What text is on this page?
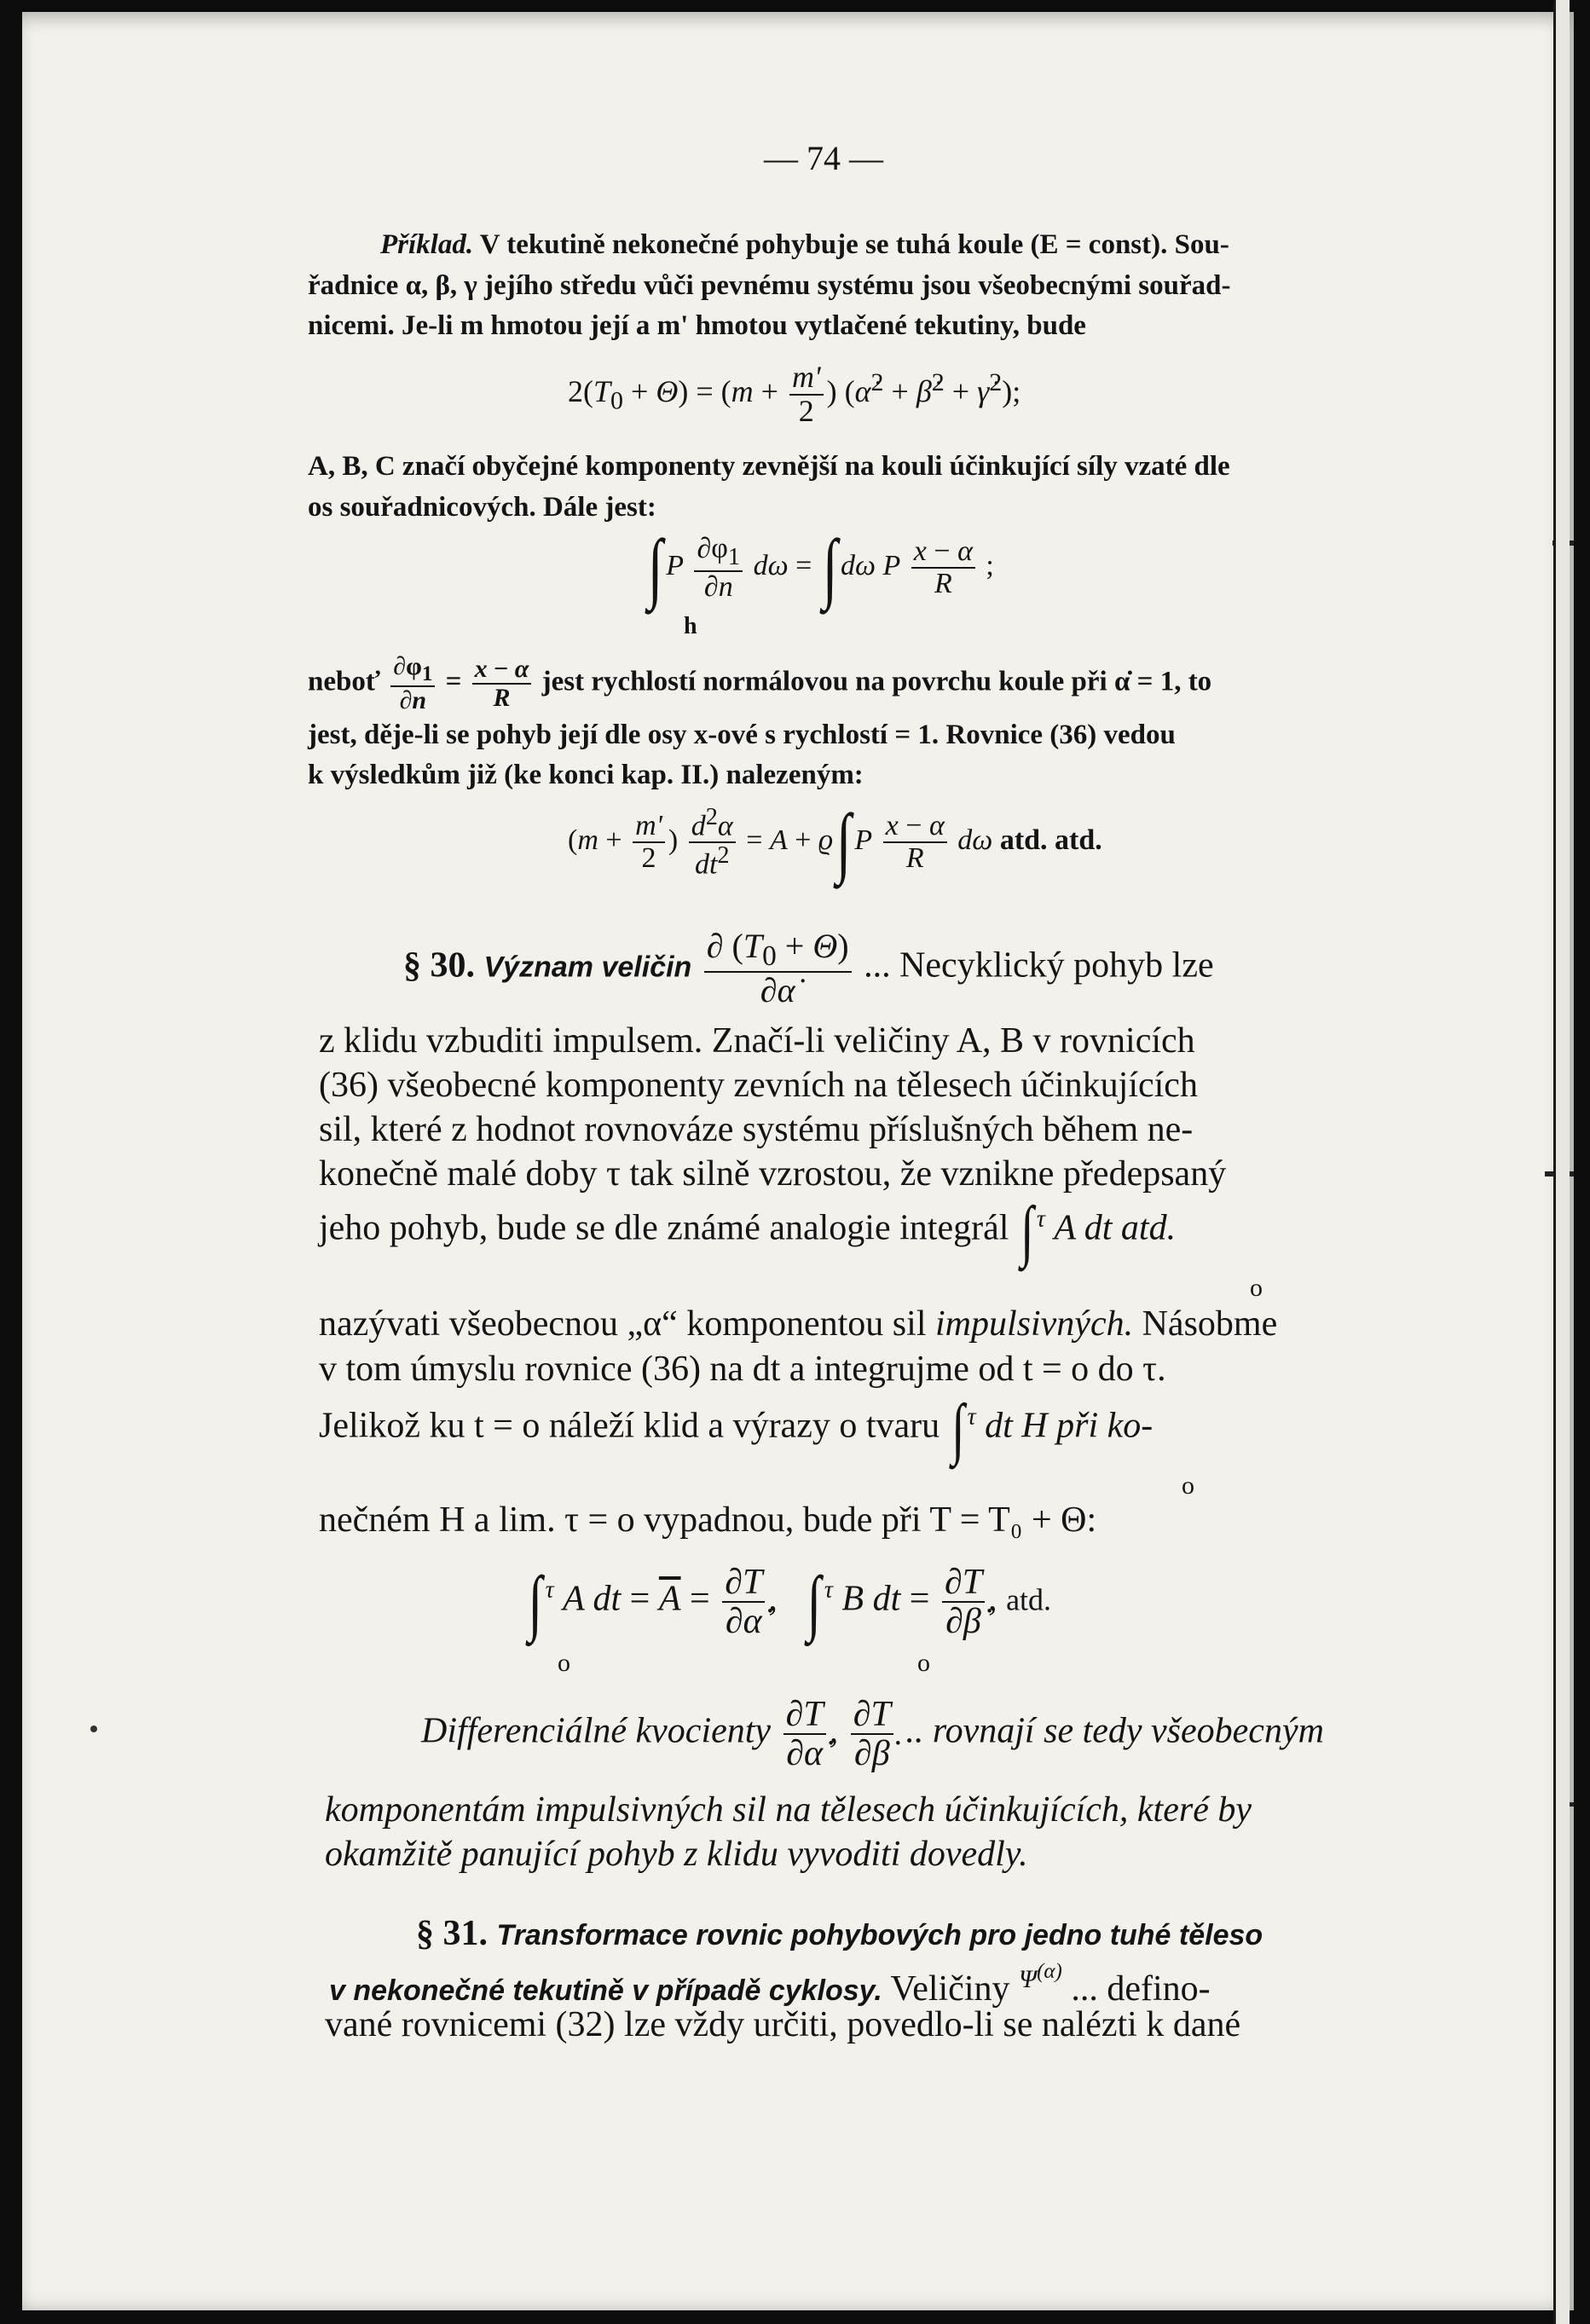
— 74 —
Příklad. V tekutině nekonečné pohybuje se tuhá koule (E = const). Sou-
řadnice α, β, γ jejího středu vůči pevnému systému jsou všeobecnými souřad-
nicemi. Je-li m hmotou její a m' hmotou vytlačené tekutiny, bude
$2(T_0 + \Theta) = (m + \frac{m'}{2}$ ) (α̇$^2$ + β̇$^2$ + γ̇$^2$);
A, B, C značí obyčejné komponenty zevnější na kouli účinkující síly vzaté dle
os souřadnicových. Dále jest:
∫ P $\frac{\partial\varphi_1}{\partial n}$ dω = ∫ dω P $\frac{x - \alpha}{R}$ ;
h
neboť $\frac{\partial\varphi_1}{\partial n} = \frac{x - \alpha}{R}$ jest rychlostí normálovou na povrchu koule při α̇ = 1, to
jest, děje-li se pohyb její dle osy x-ové s rychlostí = 1. Rovnice (36) vedou
k výsledkům již (ke konci kap. II.) nalezeným:
($m + \frac{m'}{2}$ ) $\frac{d^2\alpha}{dt^2} = A + ϱ\int$ P $\frac{x - \alpha}{R}$ dω atd. atd.
§ 30. Význam veličin $\frac{\partial (T_0 + \Theta)}{\partial\alphȧ}$ ... Necyklický pohyb lze
z klidu vzbuditi impulsem. Značí-li veličiny A, B v rovnicích
(36) všeobecné komponenty zevních na tělesech účinkujících
sil, které z hodnot rovnováze systému příslušných během ne-
konečně malé doby τ tak silně vzrostou, že vznikne předepsaný
jeho pohyb, bude se dle známé analogie integrál ∫ $^\tau$ A dt atd.
o
nazývati všeobecnou „α“ komponentou sil impulsivných. Násobme
v tom úmyslu rovnice (36) na dt a integrujme od t = o do τ.
Jelikož ku t = o náleží klid a výrazy o tvaru ∫ $^\tau$ dt H při ko-
o
nečném H a lim. τ = o vypadnou, bude při T = T₀ + Θ:
∫ $^\tau$ A dt = $\overline{A} = \frac{\partial T}{\partial\alphȧ}$ ,   ∫ $^\tau$ B dt = $\frac{\partial T}{\partial\betȧ}$ , atd.
o	o
Differenciálné kvocienty $\frac{\partial T}{\partial\alphȧ}$ , $\frac{\partial T}{\partial\betȧ}$ .. rovnají se tedy všeobecným
komponentám impulsivných sil na tělesech účinkujících, které by
okamžitě panující pohyb z klidu vyvoditi dovedly.
§ 31. Transformace rovnic pohybových pro jedno tuhé těleso
v nekonečné tekutině v případě cyklosy. Veličiny $^{\Psi^{(\alpha)}}$ ... defino-
vané rovnicemi (32) lze vždy určiti, povedlo-li se nalézti k dané
